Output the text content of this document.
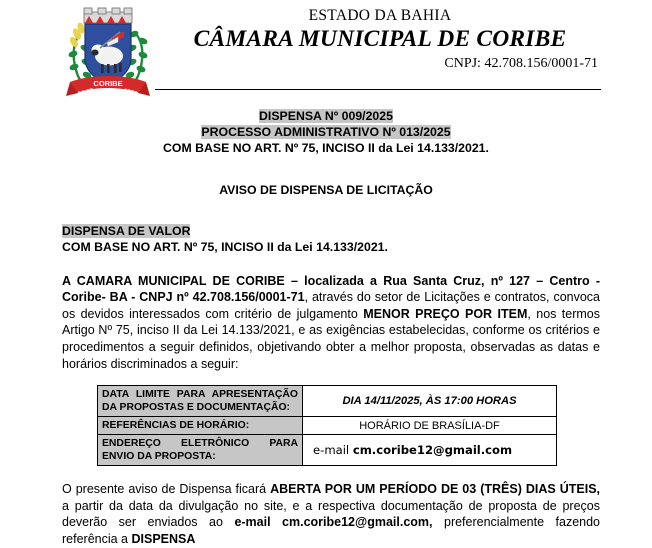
CORIBE
14-08	1958
ESTADO DA BAHIA
CÂMARA MUNICIPAL DE CORIBE
CNPJ: 42.708.156/0001-71
DISPENSA Nº 009/2025
PROCESSO ADMINISTRATIVO Nº 013/2025
COM BASE NO ART. Nº 75, INCISO II da Lei 14.133/2021.
AVISO DE DISPENSA DE LICITAÇÃO
DISPENSA DE VALOR
COM BASE NO ART. Nº 75, INCISO II da Lei 14.133/2021.
A CAMARA MUNICIPAL DE CORIBE – localizada a Rua Santa Cruz, nº 127 – Centro - Coribe- BA - CNPJ nº 42.708.156/0001-71, através do setor de Licitações e contratos, convoca os devidos interessados com critério de julgamento MENOR PREÇO POR ITEM, nos termos Artigo Nº 75, inciso II da Lei 14.133/2021, e as exigências estabelecidas, conforme os critérios e procedimentos a seguir definidos, objetivando obter a melhor proposta, observadas as datas e horários discriminados a seguir:
DATA LIMITE PARA APRESENTAÇÃO DA PROPOSTAS E DOCUMENTAÇÃO:	DIA 14/11/2025, ÀS 17:00 HORAS
REFERÊNCIAS DE HORÁRIO:	HORÁRIO DE BRASÍLIA-DF
ENDEREÇO ELETRÔNICO PARA ENVIO DA PROPOSTA:	e-mail cm.coribe12@gmail.com
O presente aviso de Dispensa ficará ABERTA POR UM PERÍODO DE 03 (TRÊS) DIAS ÚTEIS, a partir da data da divulgação no site, e a respectiva documentação de proposta de preços deverão ser enviados ao e-mail cm.coribe12@gmail.com, preferencialmente fazendo referência a DISPENSA
